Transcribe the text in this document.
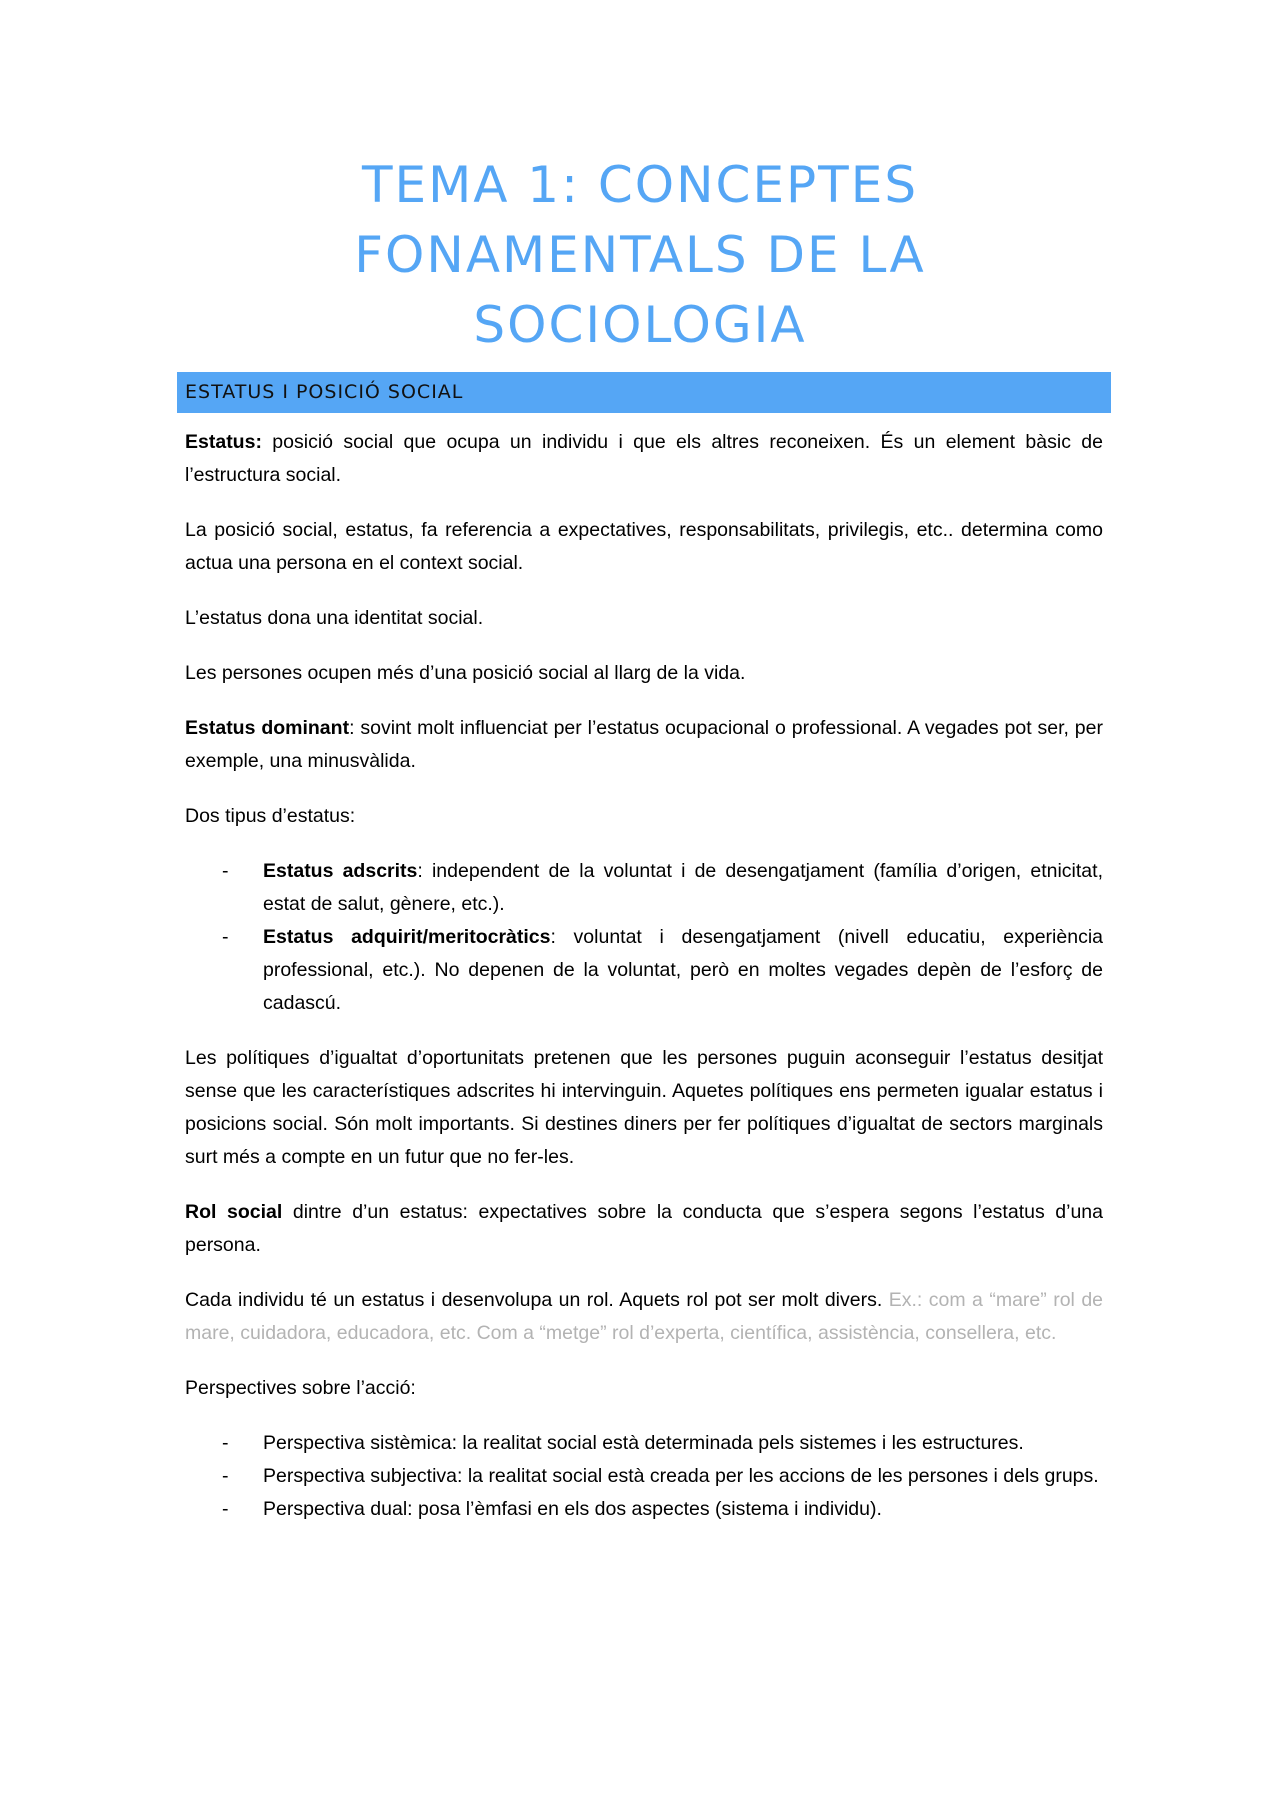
TEMA 1: CONCEPTES
FONAMENTALS DE LA
SOCIOLOGIA
ESTATUS I POSICIÓ SOCIAL

Estatus: posició social que ocupa un individu i que els altres reconeixen. És un element bàsic de l’estructura social.

La posició social, estatus, fa referencia a expectatives, responsabilitats, privilegis, etc.. determina como actua una persona en el context social.

L’estatus dona una identitat social.

Les persones ocupen més d’una posició social al llarg de la vida.

Estatus dominant: sovint molt influenciat per l’estatus ocupacional o professional. A vegades pot ser, per exemple, una minusvàlida.

Dos tipus d’estatus:

- Estatus adscrits: independent de la voluntat i de desengatjament (família d’origen, etnicitat, estat de salut, gènere, etc.).
- Estatus adquirit/meritocràtics: voluntat i desengatjament (nivell educatiu, experiència professional, etc.). No depenen de la voluntat, però en moltes vegades depèn de l’esforç de cadascú.

Les polítiques d’igualtat d’oportunitats pretenen que les persones puguin aconseguir l’estatus desitjat sense que les característiques adscrites hi intervinguin. Aquetes polítiques ens permeten igualar estatus i posicions social. Són molt importants. Si destines diners per fer polítiques d’igualtat de sectors marginals surt més a compte en un futur que no fer-les.

Rol social dintre d’un estatus: expectatives sobre la conducta que s’espera segons l’estatus d’una persona.

Cada individu té un estatus i desenvolupa un rol. Aquets rol pot ser molt divers. Ex.: com a “mare” rol de mare, cuidadora, educadora, etc. Com a “metge” rol d’experta, científica, assistència, consellera, etc.

Perspectives sobre l’acció:

- Perspectiva sistèmica: la realitat social està determinada pels sistemes i les estructures.
- Perspectiva subjectiva: la realitat social està creada per les accions de les persones i dels grups.
- Perspectiva dual: posa l’èmfasi en els dos aspectes (sistema i individu).
